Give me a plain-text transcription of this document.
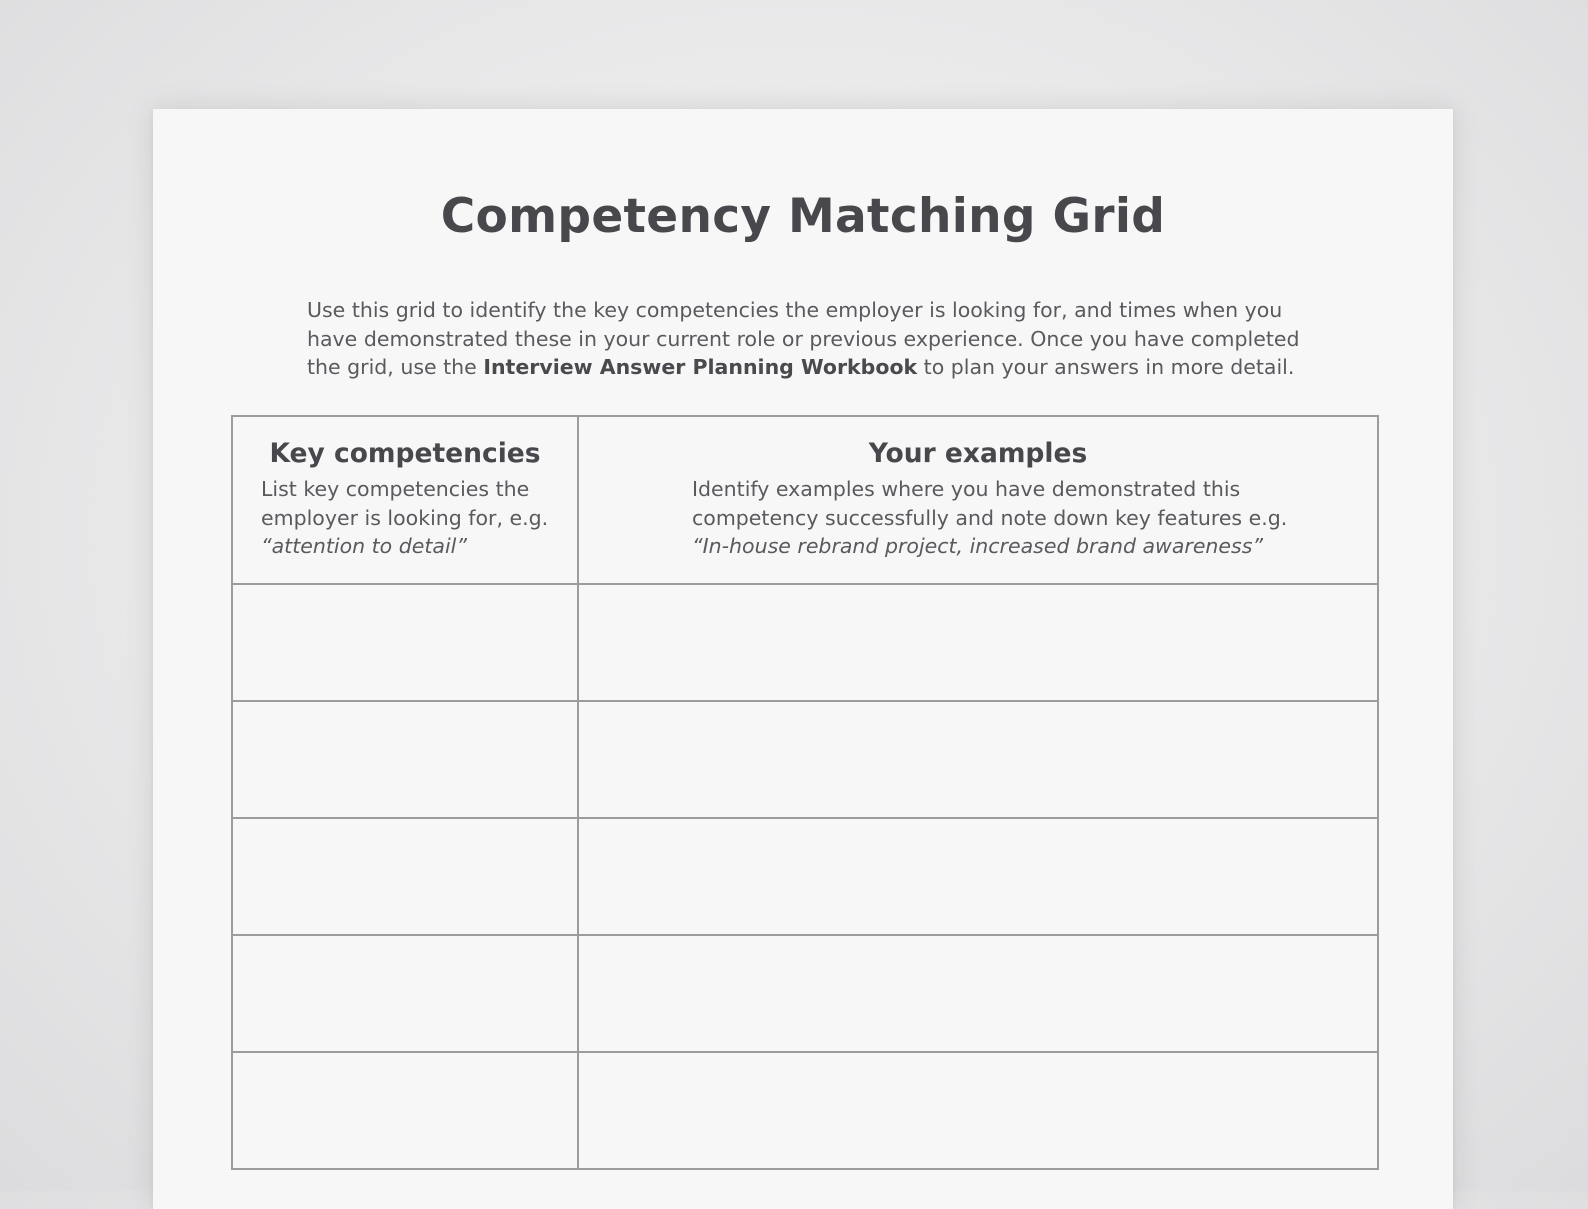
Competency Matching Grid

Use this grid to identify the key competencies the employer is looking for, and times when you have demonstrated these in your current role or previous experience. Once you have completed the grid, use the Interview Answer Planning Workbook to plan your answers in more detail.

Key competencies
List key competencies the
employer is looking for, e.g.
“attention to detail”	Your examples
Identify examples where you have demonstrated this
competency successfully and note down key features e.g.
“In-house rebrand project, increased brand awareness”
